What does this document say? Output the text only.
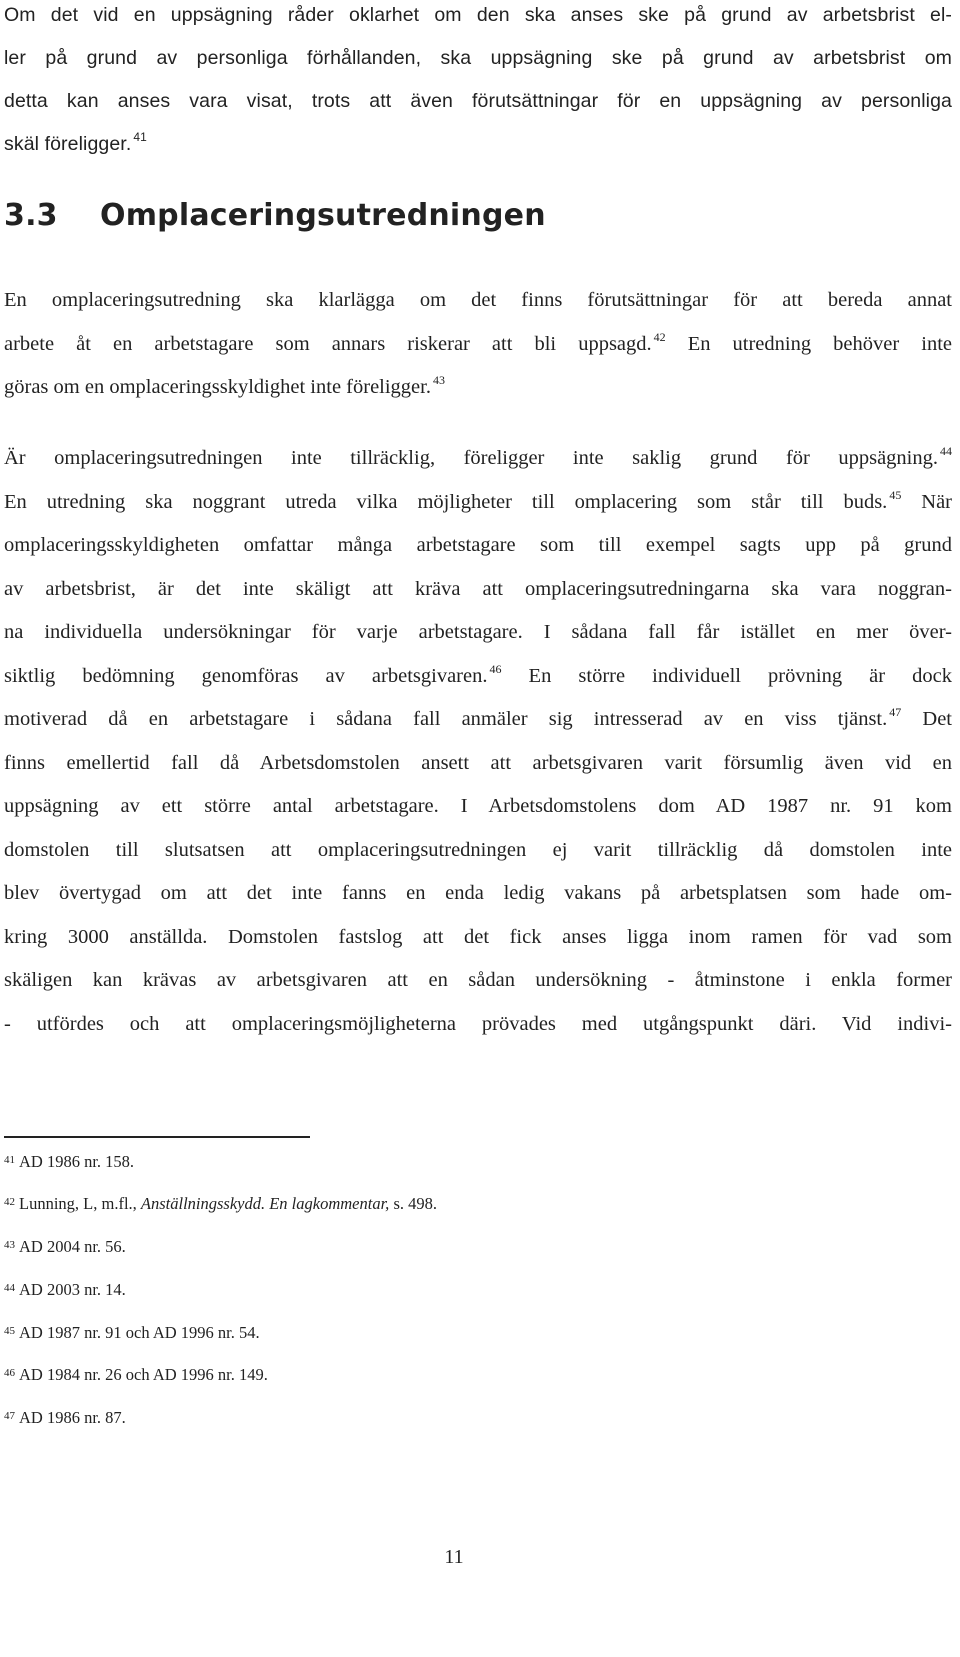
Om det vid en uppsägning råder oklarhet om den ska anses ske på grund av arbetsbrist el-
ler på grund av personliga förhållanden, ska uppsägning ske på grund av arbetsbrist om
detta kan anses vara visat, trots att även förutsättningar för en uppsägning av personliga
skäl föreligger. $^{41}$
3.3 Omplaceringsutredningen
En omplaceringsutredning ska klarlägga om det finns förutsättningar för att bereda annat
arbete åt en arbetstagare som annars riskerar att bli uppsagd. $^{42}$ En utredning behöver inte
göras om en omplaceringsskyldighet inte föreligger. $^{43}$
Är omplaceringsutredningen inte tillräcklig, föreligger inte saklig grund för uppsägning. $^{44}$
En utredning ska noggrant utreda vilka möjligheter till omplacering som står till buds. $^{45}$ När
omplaceringsskyldigheten omfattar många arbetstagare som till exempel sagts upp på grund
av arbetsbrist, är det inte skäligt att kräva att omplaceringsutredningarna ska vara noggran-
na individuella undersökningar för varje arbetstagare. I sådana fall får istället en mer över-
siktlig bedömning genomföras av arbetsgivaren. $^{46}$ En större individuell prövning är dock
motiverad då en arbetstagare i sådana fall anmäler sig intresserad av en viss tjänst. $^{47}$ Det
finns emellertid fall då Arbetsdomstolen ansett att arbetsgivaren varit försumlig även vid en
uppsägning av ett större antal arbetstagare. I Arbetsdomstolens dom AD 1987 nr. 91 kom
domstolen till slutsatsen att omplaceringsutredningen ej varit tillräcklig då domstolen inte
blev övertygad om att det inte fanns en enda ledig vakans på arbetsplatsen som hade om-
kring 3000 anställda. Domstolen fastslog att det fick anses ligga inom ramen för vad som
skäligen kan krävas av arbetsgivaren att en sådan undersökning - åtminstone i enkla former
- utfördes och att omplaceringsmöjligheterna prövades med utgångspunkt däri. Vid indivi-
$^{41}$ AD 1986 nr. 158.
$^{42}$ Lunning, L, m.fl., Anställningsskydd. En lagkommentar, s. 498.
$^{43}$ AD 2004 nr. 56.
$^{44}$ AD 2003 nr. 14.
$^{45}$ AD 1987 nr. 91 och AD 1996 nr. 54.
$^{46}$ AD 1984 nr. 26 och AD 1996 nr. 149.
$^{47}$ AD 1986 nr. 87.
11
